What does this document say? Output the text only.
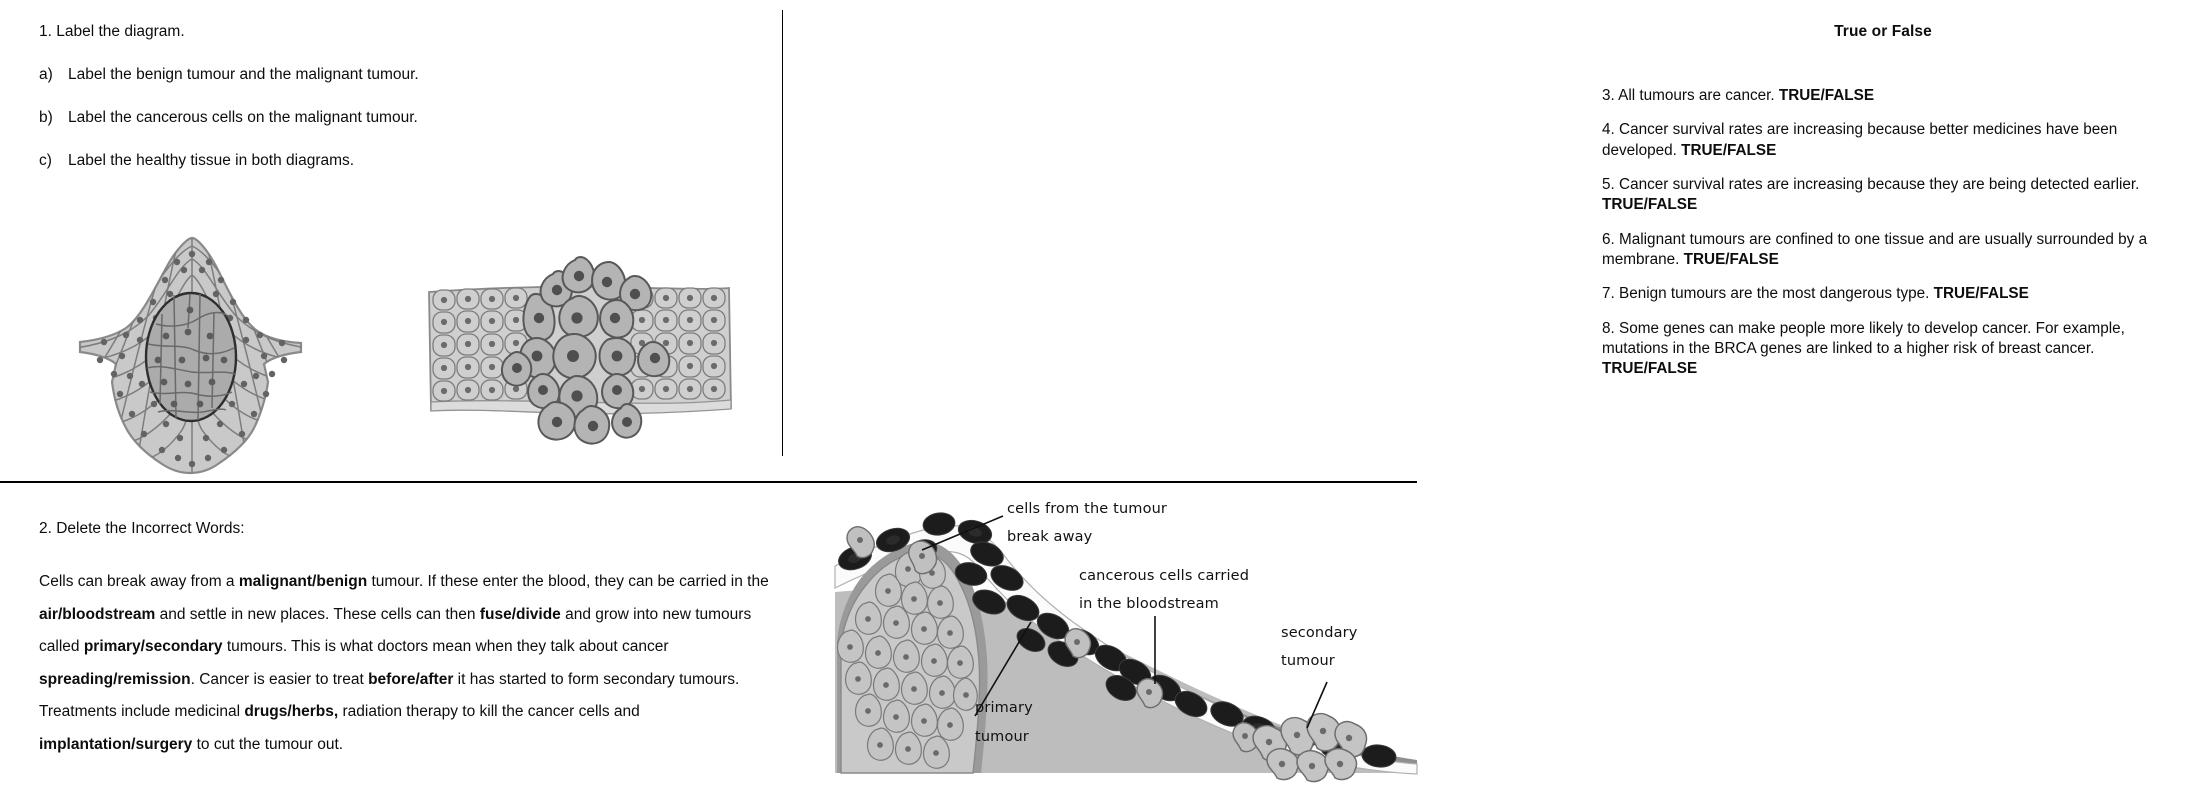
1. Label the diagram.
a) Label the benign tumour and the malignant tumour.
b) Label the cancerous cells on the malignant tumour.
c) Label the healthy tissue in both diagrams.
True or False
3. All tumours are cancer. TRUE/FALSE
4. Cancer survival rates are increasing because better medicines have been developed. TRUE/FALSE
5. Cancer survival rates are increasing because they are being detected earlier. TRUE/FALSE
6. Malignant tumours are confined to one tissue and are usually surrounded by a membrane. TRUE/FALSE
7. Benign tumours are the most dangerous type. TRUE/FALSE
8. Some genes can make people more likely to develop cancer. For example, mutations in the BRCA genes are linked to a higher risk of breast cancer. TRUE/FALSE
2. Delete the Incorrect Words:
Cells can break away from a malignant/benign tumour. If these enter the blood, they can be carried in the air/bloodstream and settle in new places. These cells can then fuse/divide and grow into new tumours called primary/secondary tumours. This is what doctors mean when they talk about cancer spreading/remission. Cancer is easier to treat before/after it has started to form secondary tumours. Treatments include medicinal drugs/herbs, radiation therapy to kill the cancer cells and implantation/surgery to cut the tumour out.
cells from the tumour
break away
cancerous cells carried
in the bloodstream
secondary
tumour
primary
tumour
